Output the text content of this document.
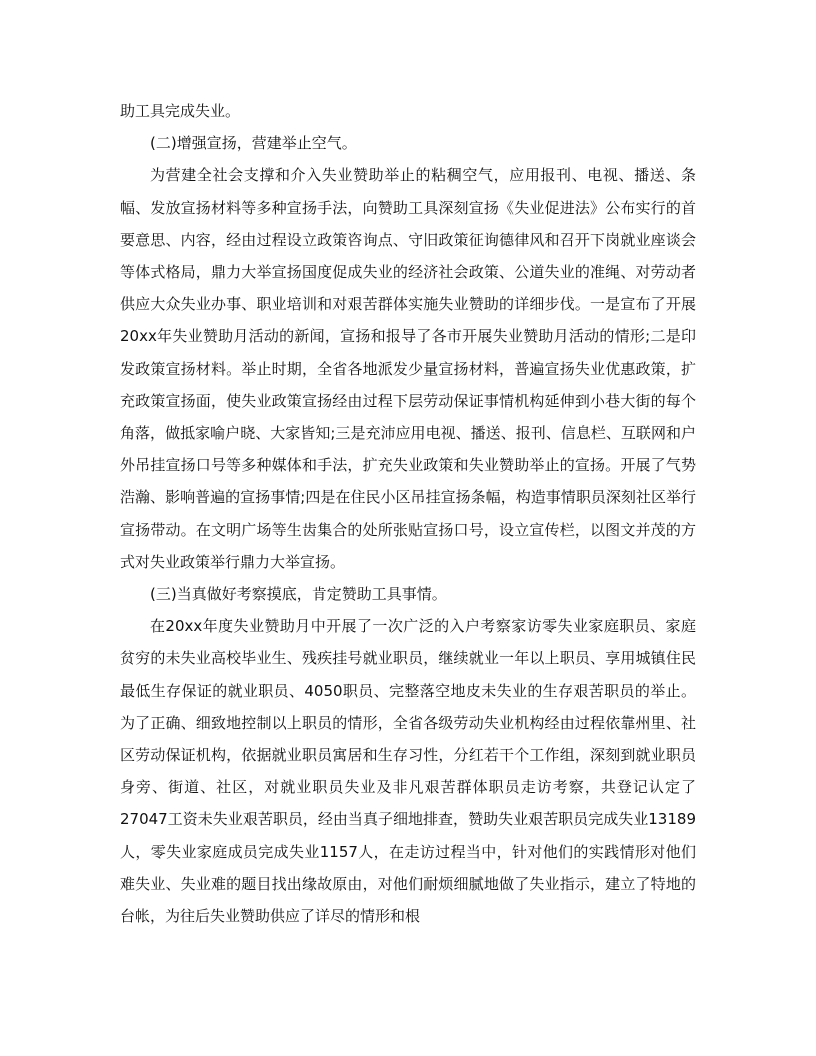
助工具完成失业。

(二)增强宣扬，营建举止空气。

为营建全社会支撑和介入失业赞助举止的粘稠空气，应用报刊、电视、播送、条幅、发放宣扬材料等多种宣扬手法，向赞助工具深刻宣扬《失业促进法》公布实行的首要意思、内容，经由过程设立政策咨询点、守旧政策征询德律风和召开下岗就业座谈会等体式格局，鼎力大举宣扬国度促成失业的经济社会政策、公道失业的准绳、对劳动者供应大众失业办事、职业培训和对艰苦群体实施失业赞助的详细步伐。一是宣布了开展20xx年失业赞助月活动的新闻，宣扬和报导了各市开展失业赞助月活动的情形;二是印发政策宣扬材料。举止时期，全省各地派发少量宣扬材料，普遍宣扬失业优惠政策，扩充政策宣扬面，使失业政策宣扬经由过程下层劳动保证事情机构延伸到小巷大街的每个角落，做抵家喻户晓、大家皆知;三是充沛应用电视、播送、报刊、信息栏、互联网和户外吊挂宣扬口号等多种媒体和手法，扩充失业政策和失业赞助举止的宣扬。开展了气势浩瀚、影响普遍的宣扬事情;四是在住民小区吊挂宣扬条幅，构造事情职员深刻社区举行宣扬带动。在文明广场等生齿集合的处所张贴宣扬口号，设立宣传栏，以图文并茂的方式对失业政策举行鼎力大举宣扬。

(三)当真做好考察摸底，肯定赞助工具事情。

在20xx年度失业赞助月中开展了一次广泛的入户考察家访零失业家庭职员、家庭贫穷的未失业高校毕业生、残疾挂号就业职员，继续就业一年以上职员、享用城镇住民最低生存保证的就业职员、4050职员、完整落空地皮未失业的生存艰苦职员的举止。为了正确、细致地控制以上职员的情形，全省各级劳动失业机构经由过程依靠州里、社区劳动保证机构，依据就业职员寓居和生存习性，分红若干个工作组，深刻到就业职员身旁、街道、社区，对就业职员失业及非凡艰苦群体职员走访考察，共登记认定了27047工资未失业艰苦职员，经由当真子细地排查，赞助失业艰苦职员完成失业13189人，零失业家庭成员完成失业1157人，在走访过程当中，针对他们的实践情形对他们难失业、失业难的题目找出缘故原由，对他们耐烦细腻地做了失业指示，建立了特地的台帐，为往后失业赞助供应了详尽的情形和根
